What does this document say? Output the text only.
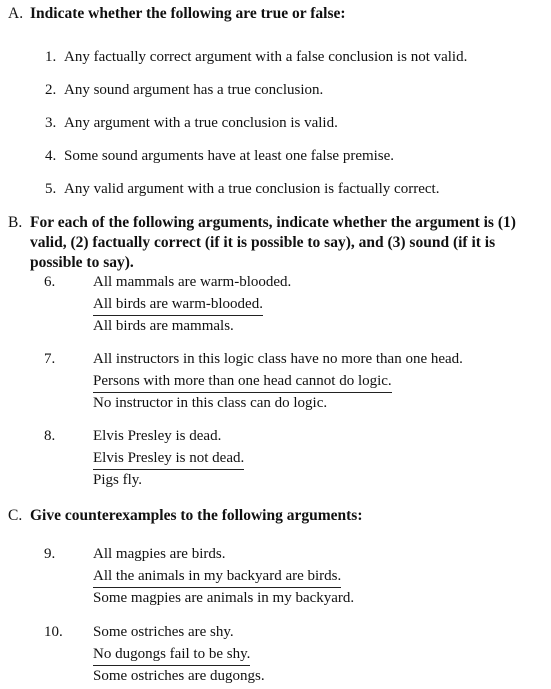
A. Indicate whether the following are true or false:
1. Any factually correct argument with a false conclusion is not valid.
2. Any sound argument has a true conclusion.
3. Any argument with a true conclusion is valid.
4. Some sound arguments have at least one false premise.
5. Any valid argument with a true conclusion is factually correct.
B. For each of the following arguments, indicate whether the argument is (1) valid, (2) factually correct (if it is possible to say), and (3) sound (if it is possible to say).
6.	All mammals are warm-blooded.
All birds are warm-blooded.
All birds are mammals.
7.	All instructors in this logic class have no more than one head.
Persons with more than one head cannot do logic.
No instructor in this class can do logic.
8.	Elvis Presley is dead.
Elvis Presley is not dead.
Pigs fly.
C. Give counterexamples to the following arguments:
9.	All magpies are birds.
All the animals in my backyard are birds.
Some magpies are animals in my backyard.
10. Some ostriches are shy.
No dugongs fail to be shy.
Some ostriches are dugongs.
